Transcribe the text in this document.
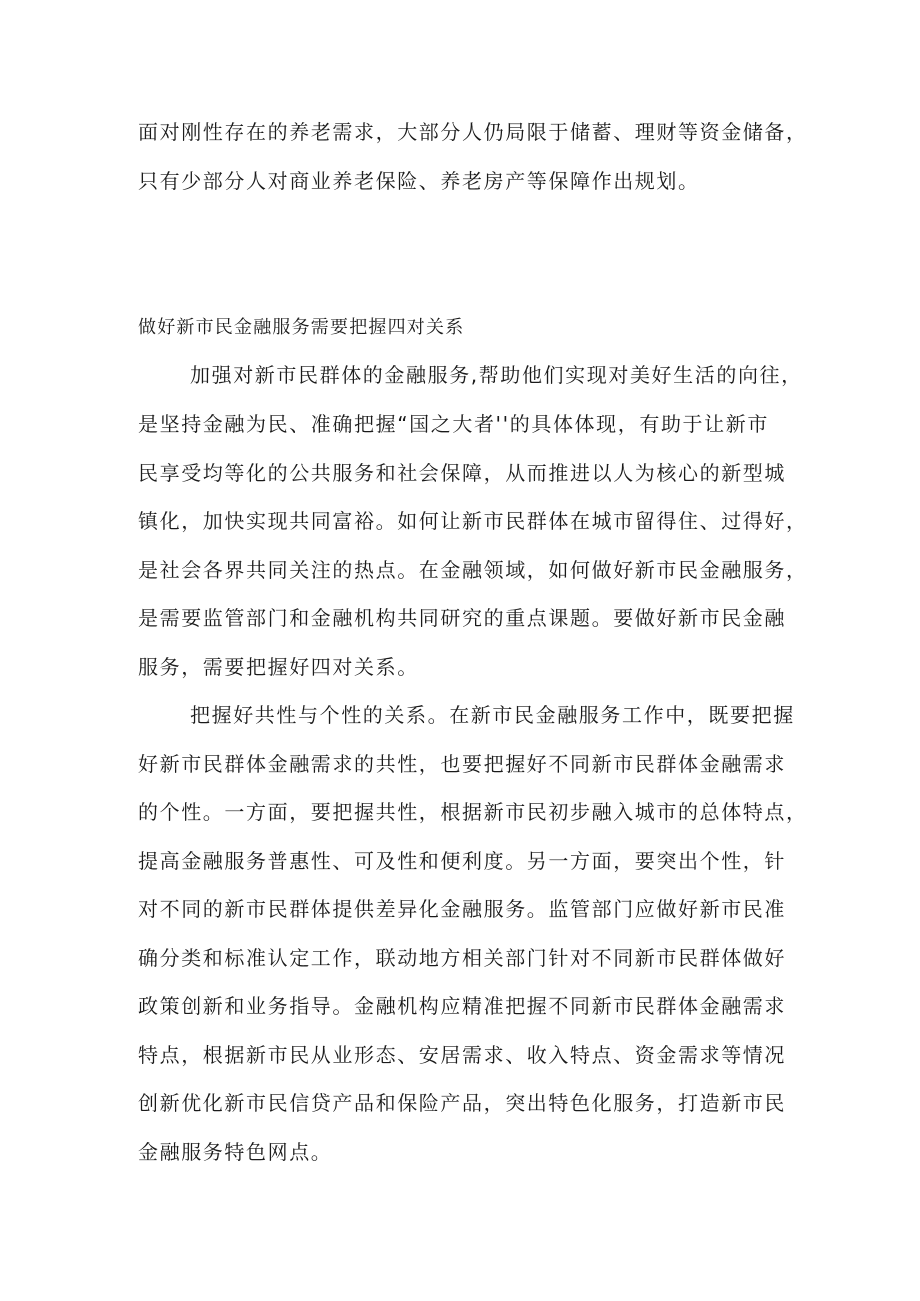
面对刚性存在的养老需求，大部分人仍局限于储蓄、理财等资金储备，

只有少部分人对商业养老保险、养老房产等保障作出规划。

做好新市民金融服务需要把握四对关系

加强对新市民群体的金融服务,帮助他们实现对美好生活的向往，

是坚持金融为民、准确把握“国之大者''的具体体现，有助于让新市

民享受均等化的公共服务和社会保障，从而推进以人为核心的新型城

镇化，加快实现共同富裕。如何让新市民群体在城市留得住、过得好，

是社会各界共同关注的热点。在金融领域，如何做好新市民金融服务，

是需要监管部门和金融机构共同研究的重点课题。要做好新市民金融

服务，需要把握好四对关系。

把握好共性与个性的关系。在新市民金融服务工作中，既要把握

好新市民群体金融需求的共性，也要把握好不同新市民群体金融需求

的个性。一方面，要把握共性，根据新市民初步融入城市的总体特点，

提高金融服务普惠性、可及性和便利度。另一方面，要突出个性，针

对不同的新市民群体提供差异化金融服务。监管部门应做好新市民准

确分类和标准认定工作，联动地方相关部门针对不同新市民群体做好

政策创新和业务指导。金融机构应精准把握不同新市民群体金融需求

特点，根据新市民从业形态、安居需求、收入特点、资金需求等情况

创新优化新市民信贷产品和保险产品，突出特色化服务，打造新市民

金融服务特色网点。
